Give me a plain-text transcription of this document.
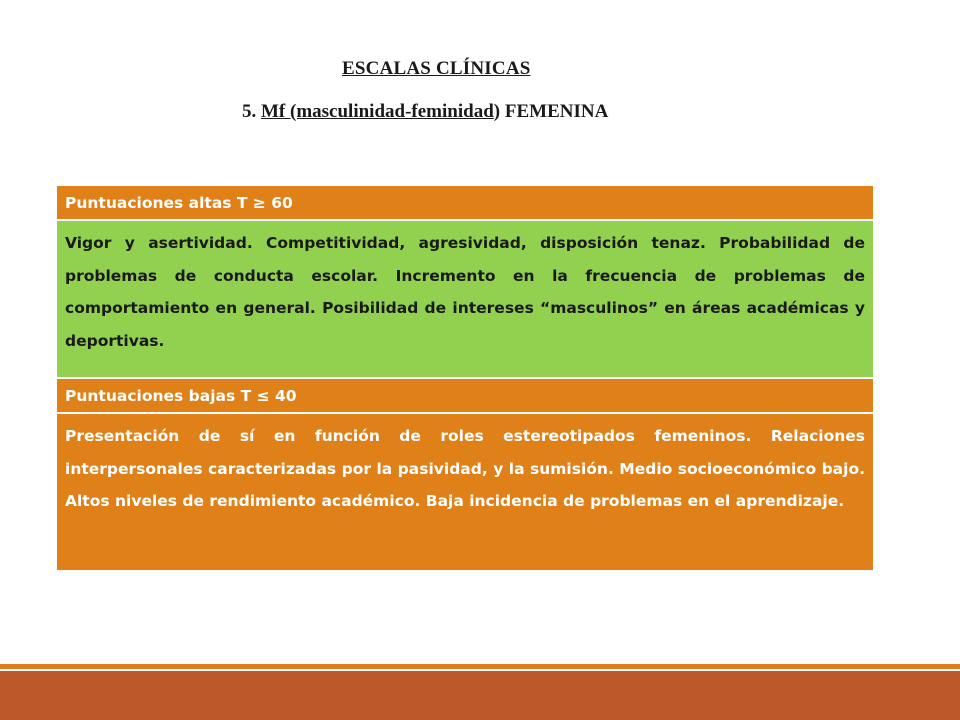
ESCALAS CLÍNICAS
5. Mf (masculinidad-feminidad) FEMENINA
Puntuaciones altas T ≥ 60
Vigor y asertividad. Competitividad, agresividad, disposición tenaz. Probabilidad de problemas de conducta escolar. Incremento en la frecuencia de problemas de comportamiento en general. Posibilidad de intereses “masculinos” en áreas académicas y deportivas.
Puntuaciones bajas T ≤ 40
Presentación de sí en función de roles estereotipados femeninos. Relaciones interpersonales caracterizadas por la pasividad, y la sumisión. Medio socioeconómico bajo. Altos niveles de rendimiento académico. Baja incidencia de problemas en el aprendizaje.
